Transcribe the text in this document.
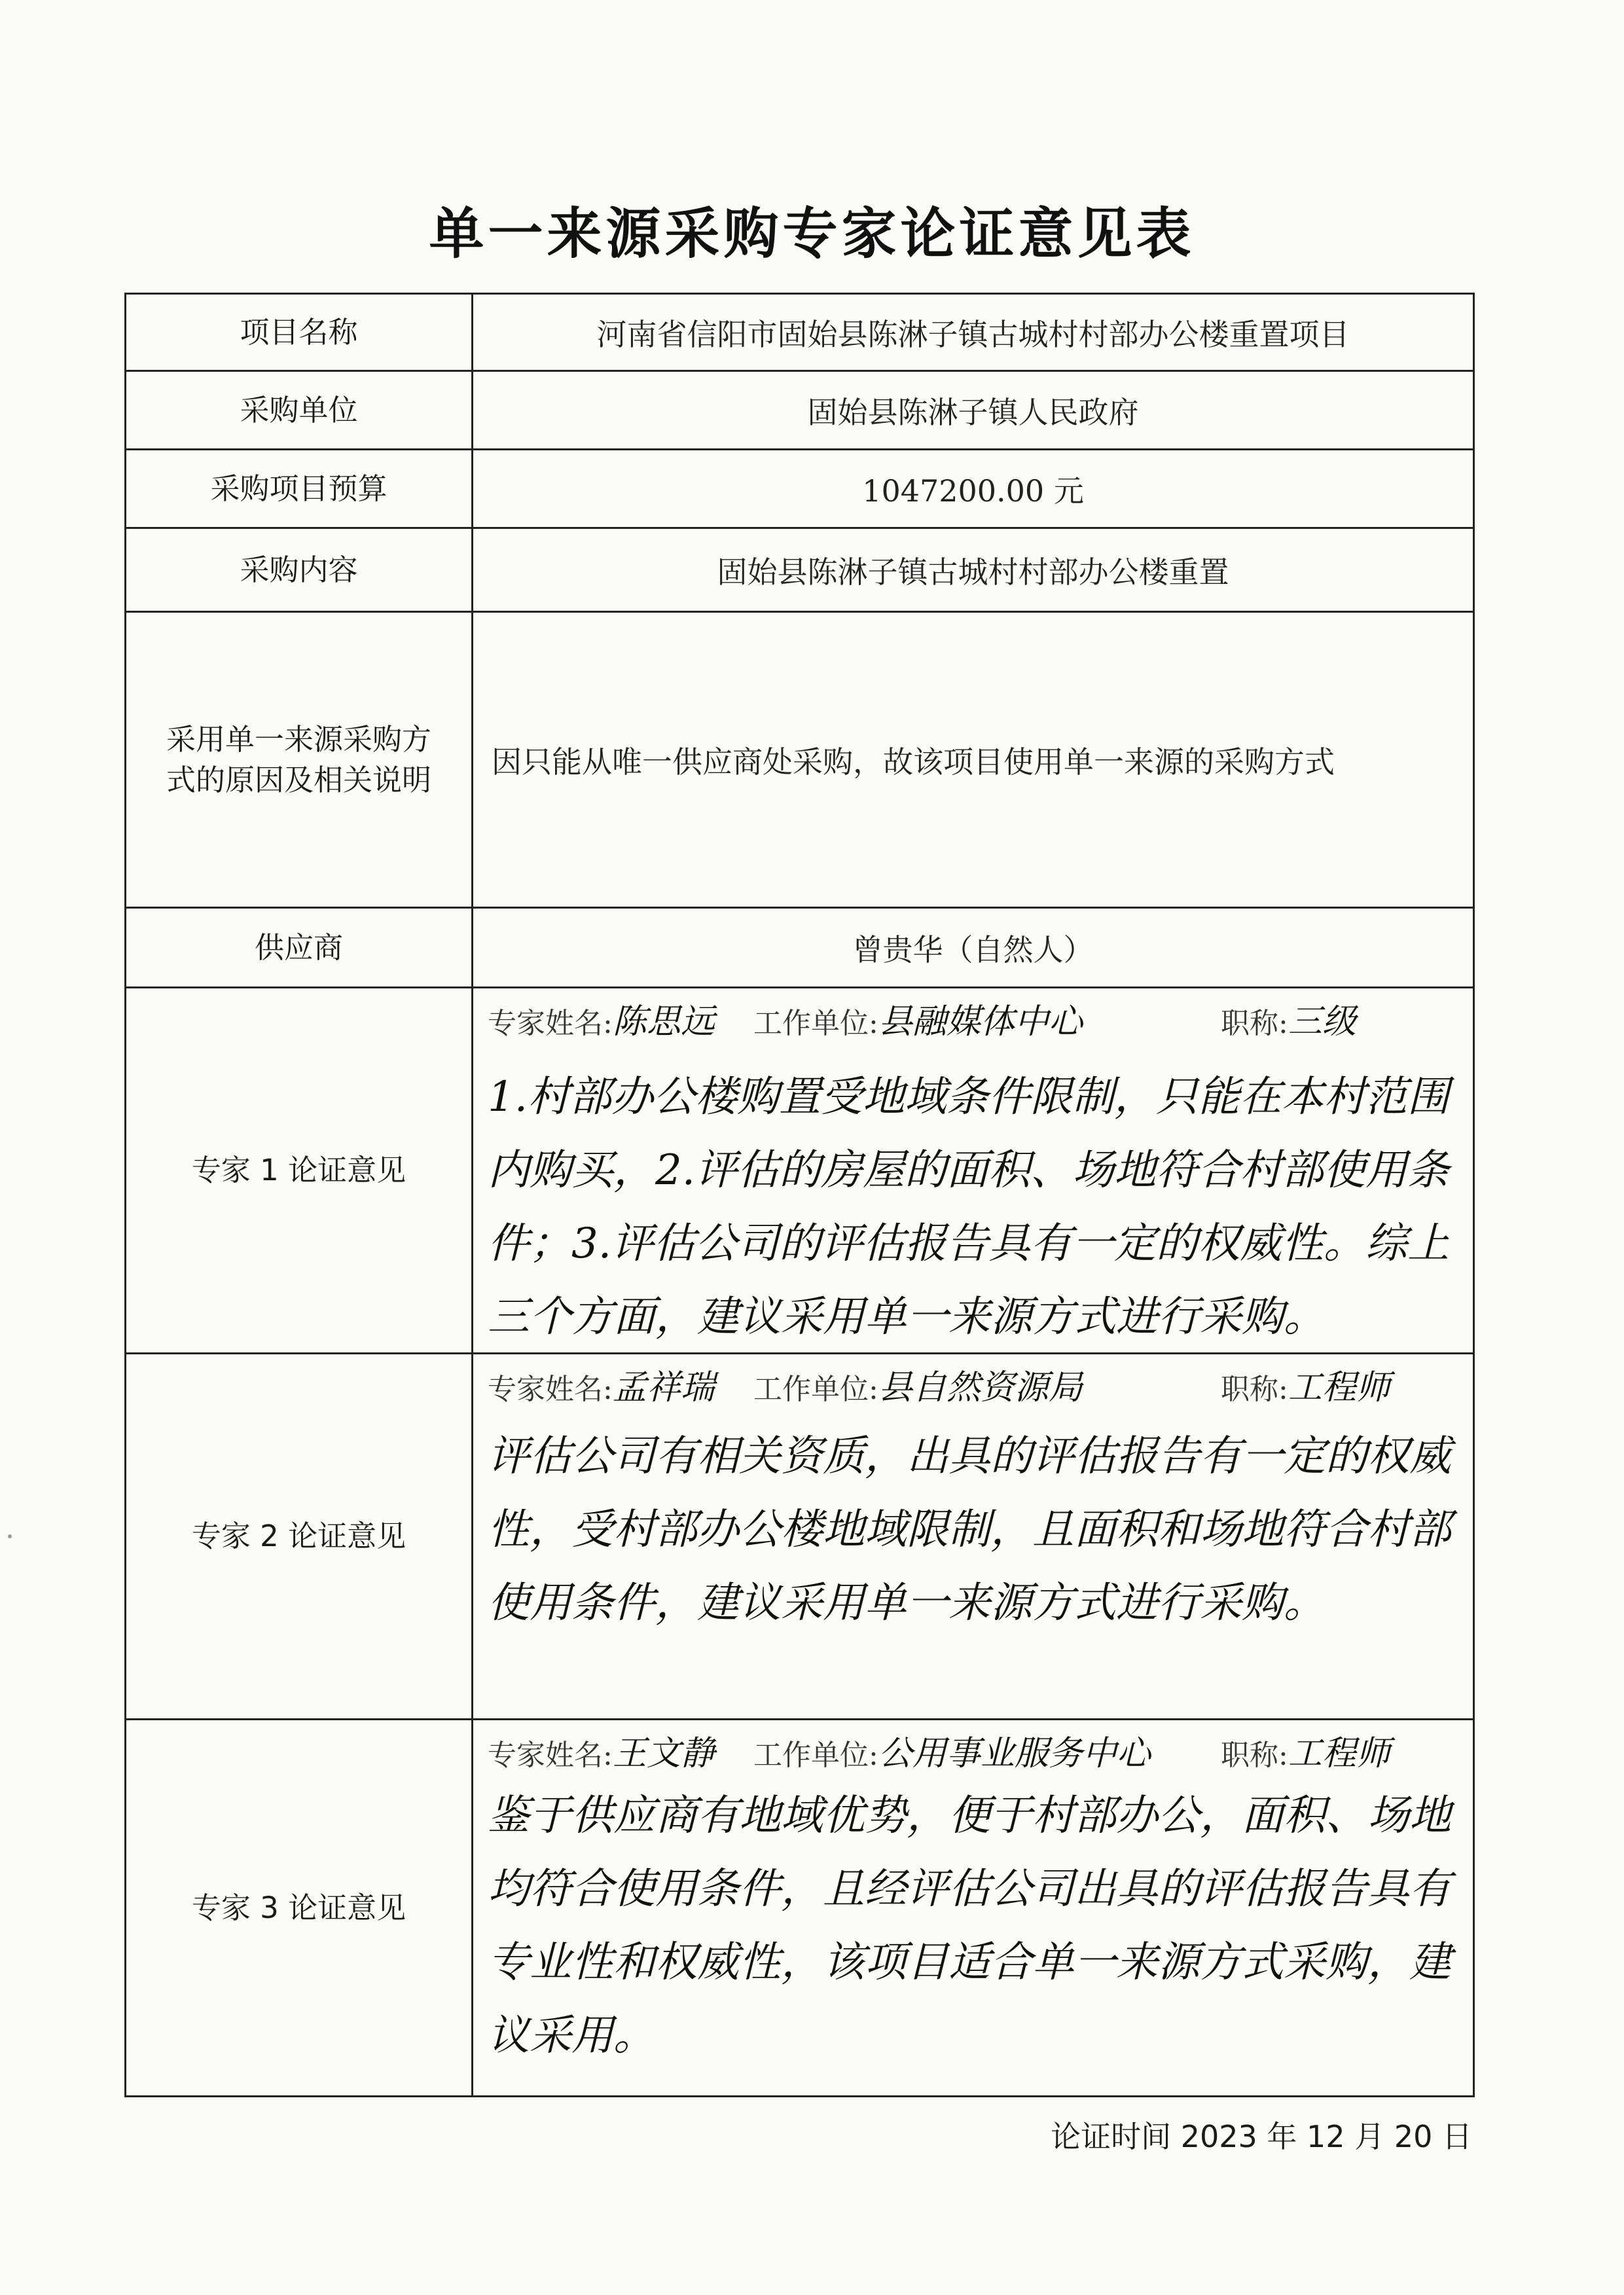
单一来源采购专家论证意见表
项目名称	河南省信阳市固始县陈淋子镇古城村村部办公楼重置项目
采购单位	固始县陈淋子镇人民政府
采购项目预算	1047200.00 元
采购内容	固始县陈淋子镇古城村村部办公楼重置

采用单一来源采购方
式的原因及相关说明	因只能从唯一供应商处采购，故该项目使用单一来源的采购方式
供应商	曾贵华（自然人）
专家 1 论证意见	专家姓名:陈思远 工作单位:县融媒体中心 职称:三级
1.村部办公楼购置受地域条件限制，只能在本村范围内购买，2.评估的房屋的面积、场地符合村部使用条件；3.评估公司的评估报告具有一定的权威性。综上三个方面，建议采用单一来源方式进行采购。

专家 2 论证意见	专家姓名:孟祥瑞 工作单位:县自然资源局 职称:工程师
评估公司有相关资质，出具的评估报告有一定的权威性，受村部办公楼地域限制，且面积和场地符合村部使用条件，建议采用单一来源方式进行采购。

专家 3 论证意见	专家姓名:王文静 工作单位:公用事业服务中心 职称:工程师
鉴于供应商有地域优势，便于村部办公，面积、场地均符合使用条件，且经评估公司出具的评估报告具有专业性和权威性，该项目适合单一来源方式采购，建议采用。
论证时间 2023 年 12 月 20 日
